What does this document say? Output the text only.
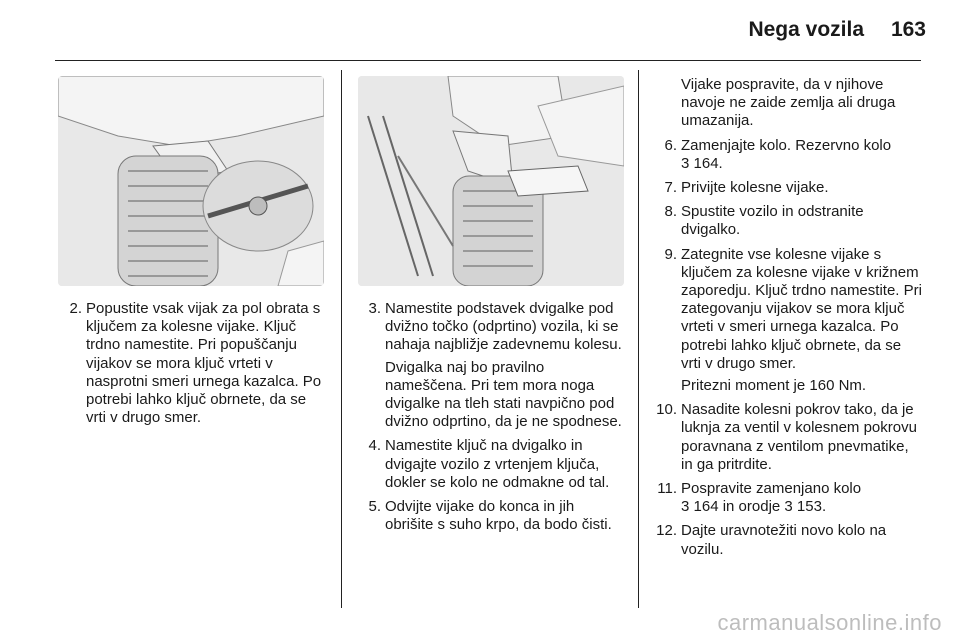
Nega vozila 163
2. Popustite vsak vijak za pol obrata s ključem za kolesne vijake. Ključ trdno namestite. Pri popuščanju vijakov se mora ključ vrteti v nasprotni smeri urnega kazalca. Po potrebi lahko ključ obrnete, da se vrti v drugo smer.
3. Namestite podstavek dvigalke pod dvižno točko (odprtino) vozila, ki se nahaja najbližje zadevnemu kolesu.
Dvigalka naj bo pravilno nameščena. Pri tem mora noga dvigalke na tleh stati navpično pod dvižno odprtino, da je ne spodnese.
4. Namestite ključ na dvigalko in dvigajte vozilo z vrtenjem ključa, dokler se kolo ne odmakne od tal.
5. Odvijte vijake do konca in jih obrišite s suho krpo, da bodo čisti.
Vijake pospravite, da v njihove navoje ne zaide zemlja ali druga umazanija.
6. Zamenjajte kolo. Rezervno kolo
3 164.
7. Privijte kolesne vijake.
8. Spustite vozilo in odstranite dvigalko.
9. Zategnite vse kolesne vijake s ključem za kolesne vijake v križnem zaporedju. Ključ trdno namestite. Pri zategovanju vijakov se mora ključ vrteti v smeri urnega kazalca. Po potrebi lahko ključ obrnete, da se vrti v drugo smer.
Pritezni moment je 160 Nm.
10. Nasadite kolesni pokrov tako, da je luknja za ventil v kolesnem pokrovu poravnana z ventilom pnevmatike, in ga pritrdite.
11. Pospravite zamenjano kolo
3 164 in orodje 3 153.
12. Dajte uravnotežiti novo kolo na vozilu.
carmanualsonline.info
